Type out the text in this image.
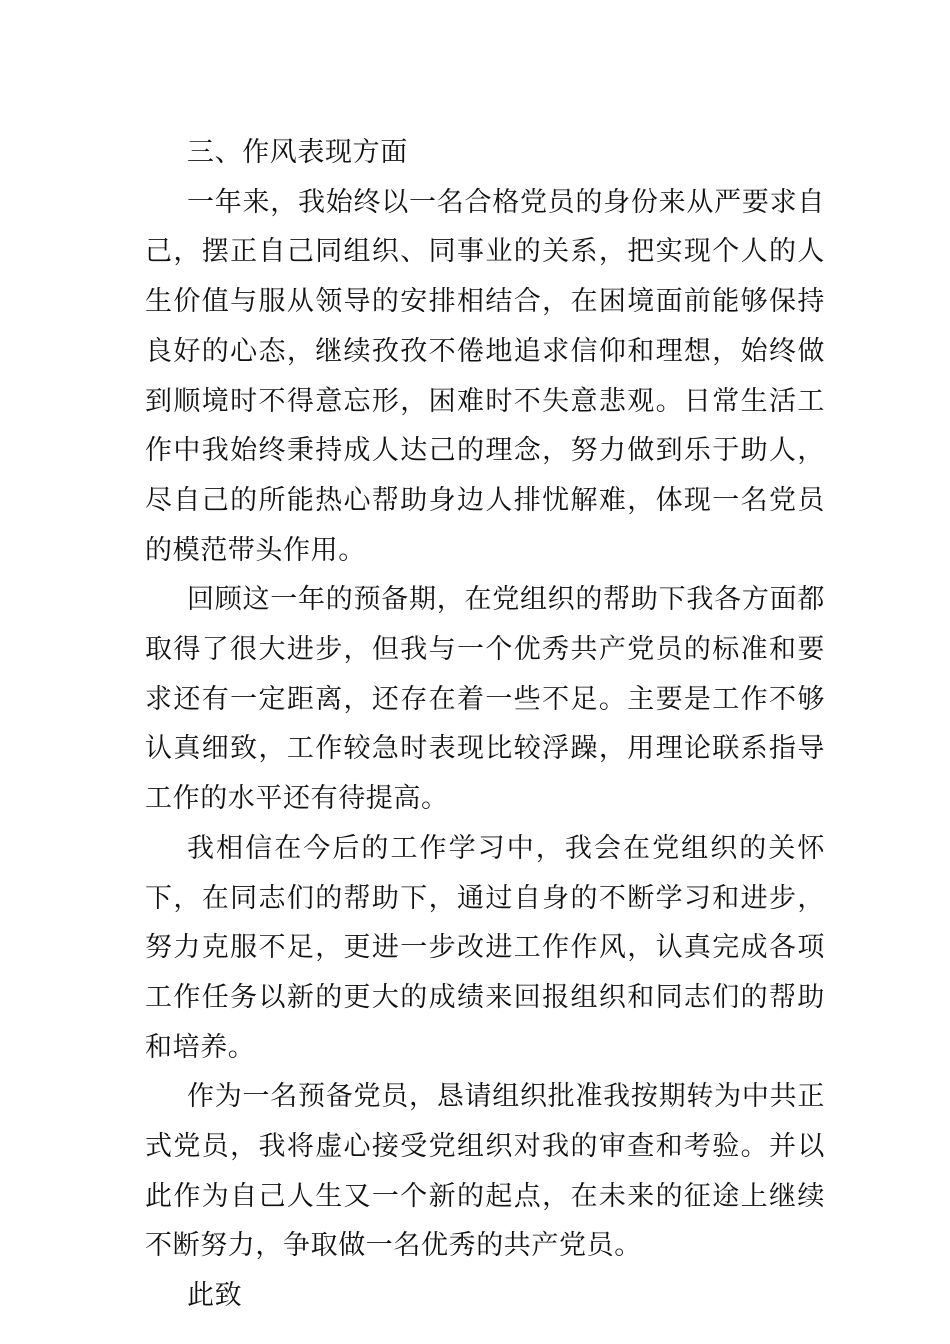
三、作风表现方面

一年来，我始终以一名合格党员的身份来从严要求自己，摆正自己同组织、同事业的关系，把实现个人的人生价值与服从领导的安排相结合，在困境面前能够保持良好的心态，继续孜孜不倦地追求信仰和理想，始终做到顺境时不得意忘形，困难时不失意悲观。日常生活工作中我始终秉持成人达己的理念，努力做到乐于助人，尽自己的所能热心帮助身边人排忧解难，体现一名党员的模范带头作用。

回顾这一年的预备期，在党组织的帮助下我各方面都取得了很大进步，但我与一个优秀共产党员的标准和要求还有一定距离，还存在着一些不足。主要是工作不够认真细致，工作较急时表现比较浮躁，用理论联系指导工作的水平还有待提高。

我相信在今后的工作学习中，我会在党组织的关怀下，在同志们的帮助下，通过自身的不断学习和进步，努力克服不足，更进一步改进工作作风，认真完成各项工作任务以新的更大的成绩来回报组织和同志们的帮助和培养。

作为一名预备党员，恳请组织批准我按期转为中共正式党员，我将虚心接受党组织对我的审查和考验。并以此作为自己人生又一个新的起点，在未来的征途上继续不断努力，争取做一名优秀的共产党员。

此致
